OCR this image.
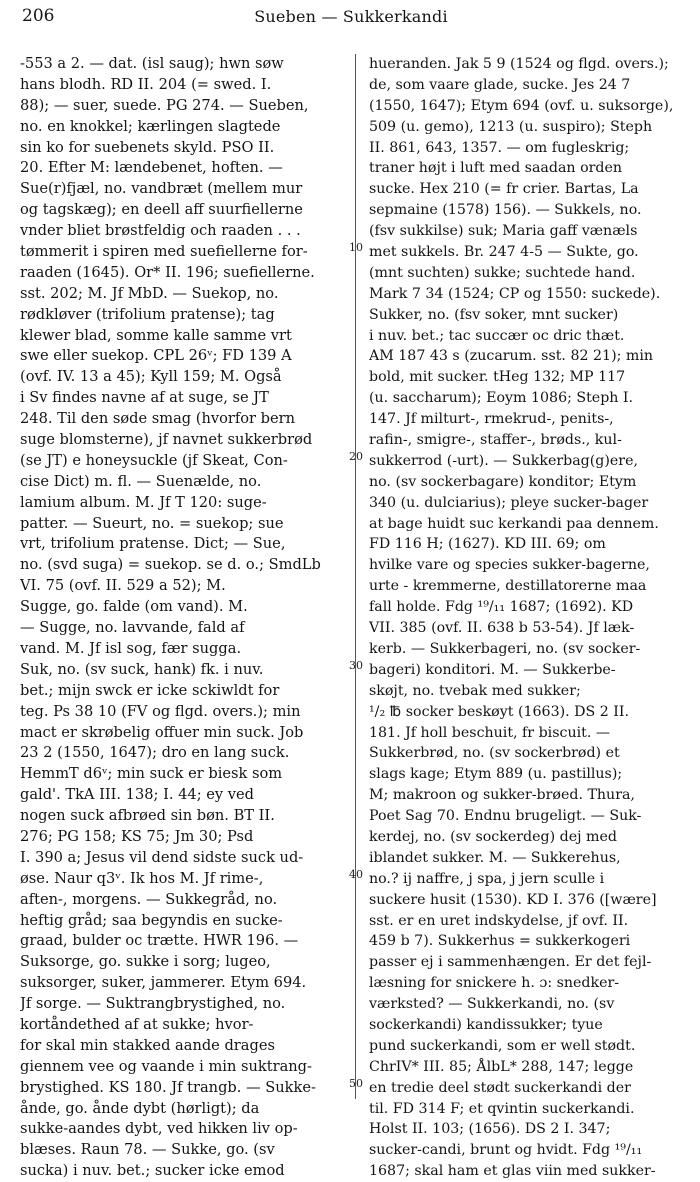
206	Sueben — Sukkerkandi
-553 a 2. — dat. (isl saug); hwn søw
hans blodh. RD II. 204 (= swed. I.
88); — suer, suede. PG 274. — Sueben,
no. en knokkel; kærlingen slagtede
sin ko for suebenets skyld. PSO II.
20. Efter M: lændebenet, hoften. —
Sue(r)fjæl, no. vandbræt (mellem mur
og tagskæg); en deell aff suurfiellerne
vnder bliet brøstfeldig och raaden . . .
tømmerit i spiren med suefiellerne for-
raaden (1645). Or* II. 196; suefiellerne.
sst. 202; M. Jf MbD. — Suekop, no.
rødkløver (trifolium pratense); tag
klewer blad, somme kalle samme vrt
swe eller suekop. CPL 26ᵛ; FD 139 A
(ovf. IV. 13 a 45); Kyll 159; M. Også
i Sv findes navne af at suge, se JT
248. Til den søde smag (hvorfor bern
suge blomsterne), jf navnet sukkerbrød
(se JT) e honeysuckle (jf Skeat, Con-
cise Dict) m. fl. — Suenælde, no.
lamium album. M. Jf T 120: suge-
patter. — Sueurt, no. = suekop; sue
vrt, trifolium pratense. Dict; — Sue,
no. (svd suga) = suekop. se d. o.; SmdLb
VI. 75 (ovf. II. 529 a 52); M.
Sugge, go. falde (om vand). M.
— Sugge, no. lavvande, fald af
vand. M. Jf isl sog, fær sugga.
Suk, no. (sv suck, hank) fk. i nuv.
bet.; mijn swck er icke sckiwldt for
teg. Ps 38 10 (FV og flgd. overs.); min
mact er skrøbelig offuer min suck. Job
23 2 (1550, 1647); dro en lang suck.
HemmT d6ᵛ; min suck er biesk som
gald'. TkA III. 138; I. 44; ey ved
nogen suck afbrøed sin bøn. BT II.
276; PG 158; KS 75; Jm 30; Psd
I. 390 a; Jesus vil dend sidste suck ud-
øse. Naur q3ᵛ. Ik hos M. Jf rime-,
aften-, morgens. — Sukkegråd, no.
heftig gråd; saa begyndis en sucke-
graad, bulder oc trætte. HWR 196. —
Suksorge, go. sukke i sorg; lugeo,
suksorger, suker, jammerer. Etym 694.
Jf sorge. — Suktrangbrystighed, no.
kortåndethed af at sukke; hvor-
for skal min stakked aande drages
giennem vee og vaande i min suktrang-
brystighed. KS 180. Jf trangb. — Sukke-
ånde, go. ånde dybt (hørligt); da
sukke-aandes dybt, ved hikken liv op-
blæses. Raun 78. — Sukke, go. (sv
sucka) i nuv. bet.; sucker icke emod
hueranden. Jak 5 9 (1524 og flgd. overs.);
de, som vaare glade, sucke. Jes 24 7
(1550, 1647); Etym 694 (ovf. u. suksorge),
509 (u. gemo), 1213 (u. suspiro); Steph
II. 861, 643, 1357. — om fugleskrig;
traner højt i luft med saadan orden
sucke. Hex 210 (= fr crier. Bartas, La
sepmaine (1578) 156). — Sukkels, no.
(fsv sukkilse) suk; Maria gaff vænæls
met sukkels. Br. 247 4-5 — Sukte, go.
(mnt suchten) sukke; suchtede hand.
Mark 7 34 (1524; CP og 1550: suckede).
Sukker, no. (fsv soker, mnt sucker)
i nuv. bet.; tac succær oc dric thæt.
AM 187 43 s (zucarum. sst. 82 21); min
bold, mit sucker. tHeg 132; MP 117
(u. saccharum); Eoym 1086; Steph I.
147. Jf milturt-, rmekrud-, penits-,
rafin-, smigre-, staffer-, brøds., kul-
sukkerrod (-urt). — Sukkerbag(g)ere,
no. (sv sockerbagare) konditor; Etym
340 (u. dulciarius); pleye sucker-bager
at bage huidt suc kerkandi paa dennem.
FD 116 H; (1627). KD III. 69; om
hvilke vare og species sukker-bagerne,
urte - kremmerne, destillatorerne maa
fall holde. Fdg ¹⁹/₁₁ 1687; (1692). KD
VII. 385 (ovf. II. 638 b 53-54). Jf læk-
kerb. — Sukkerbageri, no. (sv socker-
bageri) konditori. M. — Sukkerbe-
skøjt, no. tvebak med sukker;
¹/₂ ℔ socker beskøyt (1663). DS 2 II.
181. Jf holl beschuit, fr biscuit. —
Sukkerbrød, no. (sv sockerbrød) et
slags kage; Etym 889 (u. pastillus);
M; makroon og sukker-brøed. Thura,
Poet Sag 70. Endnu brugeligt. — Suk-
kerdej, no. (sv sockerdeg) dej med
iblandet sukker. M. — Sukkerehus,
no.? ij naffre, j spa, j jern sculle i
suckere husit (1530). KD I. 376 ([wære]
sst. er en uret indskydelse, jf ovf. II.
459 b 7). Sukkerhus = sukkerkogeri
passer ej i sammenhængen. Er det fejl-
læsning for snickere h. ɔ: snedker-
værksted? — Sukkerkandi, no. (sv
sockerkandi) kandissukker; tyue
pund suckerkandi, som er well stødt.
ChrIV* III. 85; ÅlbL* 288, 147; legge
en tredie deel stødt suckerkandi der
til. FD 314 F; et qvintin suckerkandi.
Holst II. 103; (1656). DS 2 I. 347;
sucker-candi, brunt og hvidt. Fdg ¹⁹/₁₁
1687; skal ham et glas viin med sukker-
10
20
30
40
50
